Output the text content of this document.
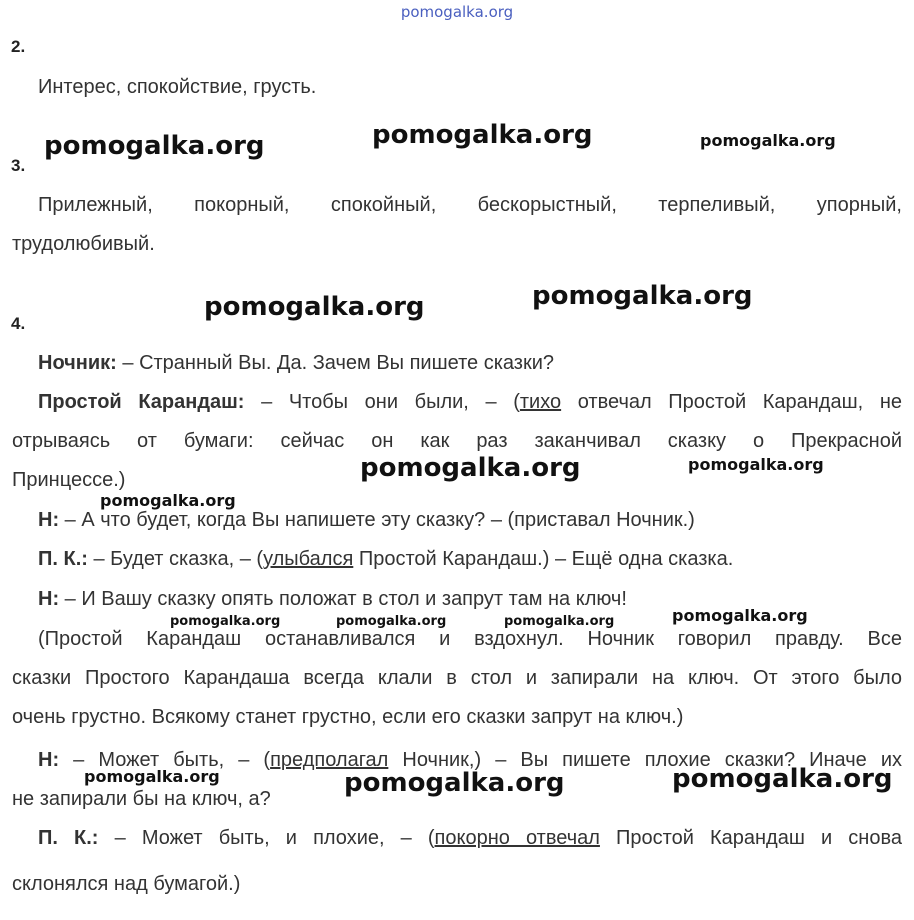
pomogalka.org
2.
Интерес, спокойствие, грусть.
3.
Прилежный, покорный, спокойный, бескорыстный, терпеливый, упорный,
трудолюбивый.
4.
Ночник: – Странный Вы. Да. Зачем Вы пишете сказки?
Простой Карандаш: – Чтобы они были, – (тихо отвечал Простой Карандаш, не
отрываясь от бумаги: сейчас он как раз заканчивал сказку о Прекрасной
Принцессе.)
Н: – А что будет, когда Вы напишете эту сказку? – (приставал Ночник.)
П. К.: – Будет сказка, – (улыбался Простой Карандаш.) – Ещё одна сказка.
Н: – И Вашу сказку опять положат в стол и запрут там на ключ!
(Простой Карандаш останавливался и вздохнул. Ночник говорил правду. Все
сказки Простого Карандаша всегда клали в стол и запирали на ключ. От этого было
очень грустно. Всякому станет грустно, если его сказки запрут на ключ.)
Н: – Может быть, – (предполагал Ночник,) – Вы пишете плохие сказки? Иначе их
не запирали бы на ключ, а?
П. К.: – Может быть, и плохие, – (покорно отвечал Простой Карандаш и снова
склонялся над бумагой.)
pomogalka.org	pomogalka.org	pomogalka.org
pomogalka.org	pomogalka.org
pomogalka.org	pomogalka.org
pomogalka.org
pomogalka.org	pomogalka.org	pomogalka.org	pomogalka.org
pomogalka.org	pomogalka.org	pomogalka.org
